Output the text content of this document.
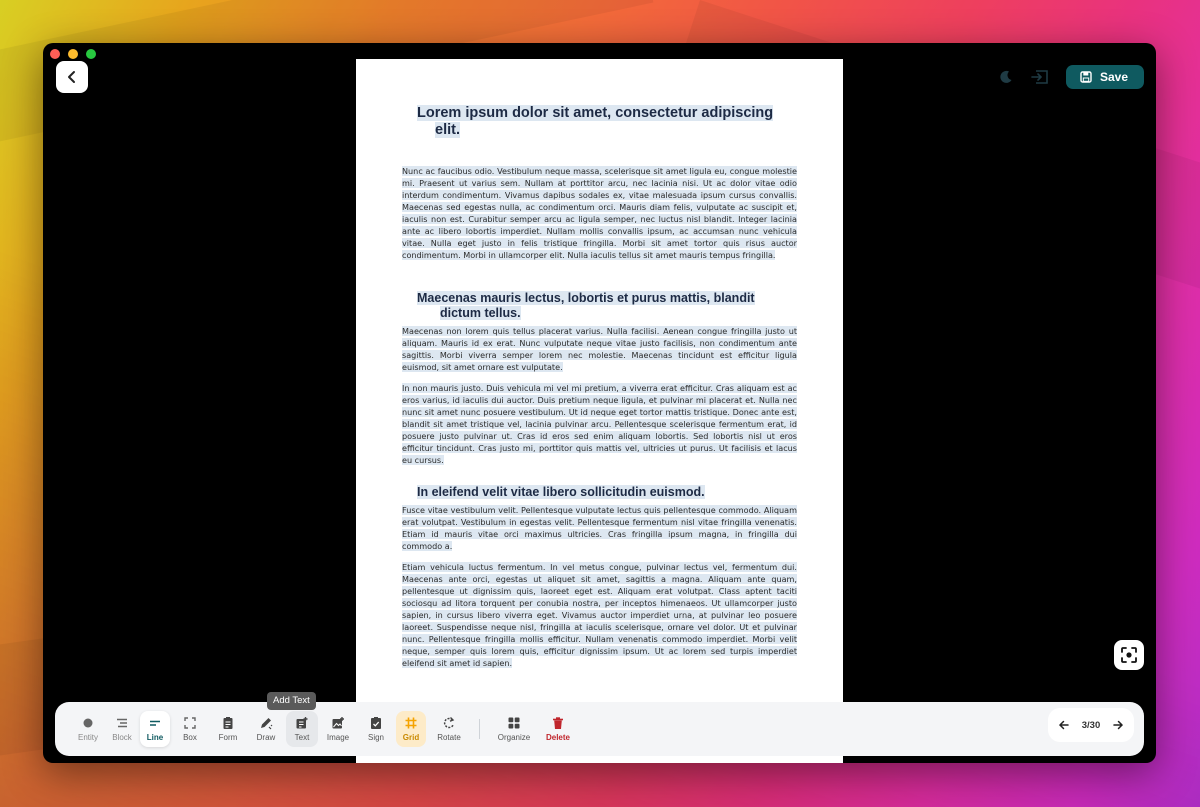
Save
Lorem ipsum dolor sit amet, consectetur adipiscing
elit.

Nunc ac faucibus odio. Vestibulum neque massa, scelerisque sit amet ligula eu, congue molestie mi. Praesent ut varius sem. Nullam at porttitor arcu, nec lacinia nisi. Ut ac dolor vitae odio interdum condimentum. Vivamus dapibus sodales ex, vitae malesuada ipsum cursus convallis. Maecenas sed egestas nulla, ac condimentum orci. Mauris diam felis, vulputate ac suscipit et, iaculis non est. Curabitur semper arcu ac ligula semper, nec luctus nisl blandit. Integer lacinia ante ac libero lobortis imperdiet. Nullam mollis convallis ipsum, ac accumsan nunc vehicula vitae. Nulla eget justo in felis tristique fringilla. Morbi sit amet tortor quis risus auctor condimentum. Morbi in ullamcorper elit. Nulla iaculis tellus sit amet mauris tempus fringilla.

Maecenas mauris lectus, lobortis et purus mattis, blandit
dictum tellus.

Maecenas non lorem quis tellus placerat varius. Nulla facilisi. Aenean congue fringilla justo ut aliquam. Mauris id ex erat. Nunc vulputate neque vitae justo facilisis, non condimentum ante sagittis. Morbi viverra semper lorem nec molestie. Maecenas tincidunt est efficitur ligula euismod, sit amet ornare est vulputate.

In non mauris justo. Duis vehicula mi vel mi pretium, a viverra erat efficitur. Cras aliquam est ac eros varius, id iaculis dui auctor. Duis pretium neque ligula, et pulvinar mi placerat et. Nulla nec nunc sit amet nunc posuere vestibulum. Ut id neque eget tortor mattis tristique. Donec ante est, blandit sit amet tristique vel, lacinia pulvinar arcu. Pellentesque scelerisque fermentum erat, id posuere justo pulvinar ut. Cras id eros sed enim aliquam lobortis. Sed lobortis nisl ut eros efficitur tincidunt. Cras justo mi, porttitor quis mattis vel, ultricies ut purus. Ut facilisis et lacus eu cursus.

In eleifend velit vitae libero sollicitudin euismod.

Fusce vitae vestibulum velit. Pellentesque vulputate lectus quis pellentesque commodo. Aliquam erat volutpat. Vestibulum in egestas velit. Pellentesque fermentum nisl vitae fringilla venenatis. Etiam id mauris vitae orci maximus ultricies. Cras fringilla ipsum magna, in fringilla dui commodo a.

Etiam vehicula luctus fermentum. In vel metus congue, pulvinar lectus vel, fermentum dui. Maecenas ante orci, egestas ut aliquet sit amet, sagittis a magna. Aliquam ante quam, pellentesque ut dignissim quis, laoreet eget est. Aliquam erat volutpat. Class aptent taciti sociosqu ad litora torquent per conubia nostra, per inceptos himenaeos. Ut ullamcorper justo sapien, in cursus libero viverra eget. Vivamus auctor imperdiet urna, at pulvinar leo posuere laoreet. Suspendisse neque nisl, fringilla at iaculis scelerisque, ornare vel dolor. Ut et pulvinar nunc. Pellentesque fringilla mollis efficitur. Nullam venenatis commodo imperdiet. Morbi velit neque, semper quis lorem quis, efficitur dignissim ipsum. Ut ac lorem sed turpis imperdiet eleifend sit amet id sapien.

Entity Block Line Box	Form Draw Text Image Sign Grid Rotate	Organize Delete
3/30
Add Text
